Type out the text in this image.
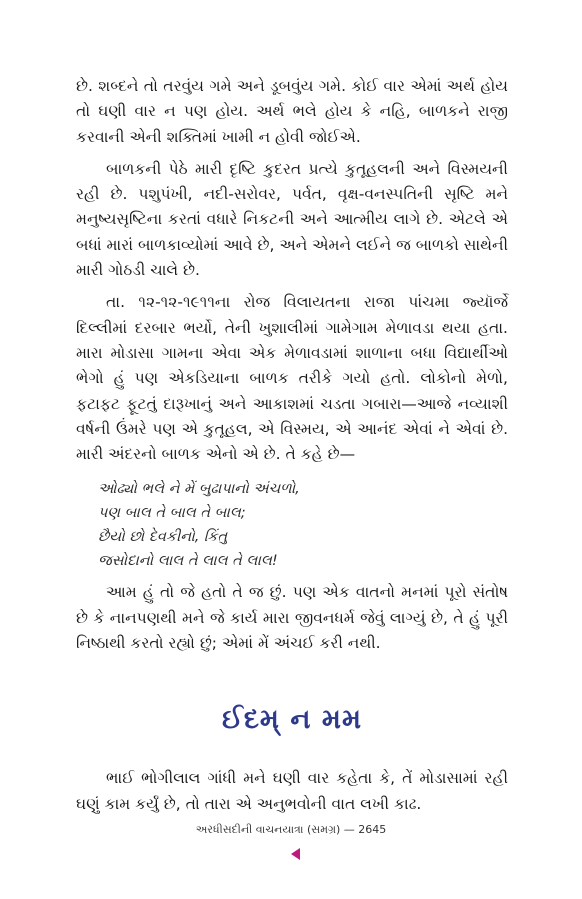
છે. શબ્દને તો તરવુંય ગમે અને ડૂબવુંય ગમે. કોઈ વાર એમાં અર્થ હોય તો ઘણી વાર ન પણ હોય. અર્થ ભલે હોય કે નહિ, બાળકને રાજી કરવાની એની શક્તિમાં ખામી ન હોવી જોઈએ.

બાળકની પેઠે મારી દૃષ્ટિ કુદરત પ્રત્યે કુતૂહલની અને વિસ્મયની રહી છે. પશુપંખી, નદી-સરોવર, પર્વત, વૃક્ષ-વનસ્પતિની સૃષ્ટિ મને મનુષ્યસૃષ્ટિના કરતાં વધારે નિકટની અને આત્મીય લાગે છે. એટલે એ બધાં મારાં બાળકાવ્યોમાં આવે છે, અને એમને લઈને જ બાળકો સાથેની મારી ગોઠડી ચાલે છે.

તા. ૧૨-૧૨-૧૯૧૧ના રોજ વિલાયતના રાજા પાંચમા જ્યૉર્જે દિલ્લીમાં દરબાર ભર્યો, તેની ખુશાલીમાં ગામેગામ મેળાવડા થયા હતા. મારા મોડાસા ગામના એવા એક મેળાવડામાં શાળાના બધા વિદ્યાર્થીઓ ભેગો હું પણ એકડિયાના બાળક તરીકે ગયો હતો. લોકોનો મેળો, ફટાફટ ફૂટતું દારૂખાનું અને આકાશમાં ચડતા ગબારા—આજે નવ્યાશી વર્ષની ઉંમરે પણ એ કુતૂહલ, એ વિસ્મય, એ આનંદ એવાં ને એવાં છે. મારી અંદરનો બાળક એનો એ છે. તે કહે છે—

ઓઢ્યો ભલે ને મેં બુઢાપાનો અંચળો,
પણ બાલ તે બાલ તે બાલ;
છૈયો છો દેવકીનો, કિંતુ
જસોદાનો લાલ તે લાલ તે લાલ!

આમ હું તો જે હતો તે જ છું. પણ એક વાતનો મનમાં પૂરો સંતોષ છે કે નાનપણથી મને જે કાર્ય મારા જીવનધર્મ જેવું લાગ્યું છે, તે હું પૂરી નિષ્ઠાથી કરતો રહ્યો છું; એમાં મેં અંચઈ કરી નથી.

ઈદમ્ ન મમ

ભાઈ ભોગીલાલ ગાંધી મને ઘણી વાર કહેતા કે, તેં મોડાસામાં રહી ઘણું કામ કર્યું છે, તો તારા એ અનુભવોની વાત લખી કાઢ.

અરધીસદીની વાચનયાત્રા (સમગ્ર) — 2645
